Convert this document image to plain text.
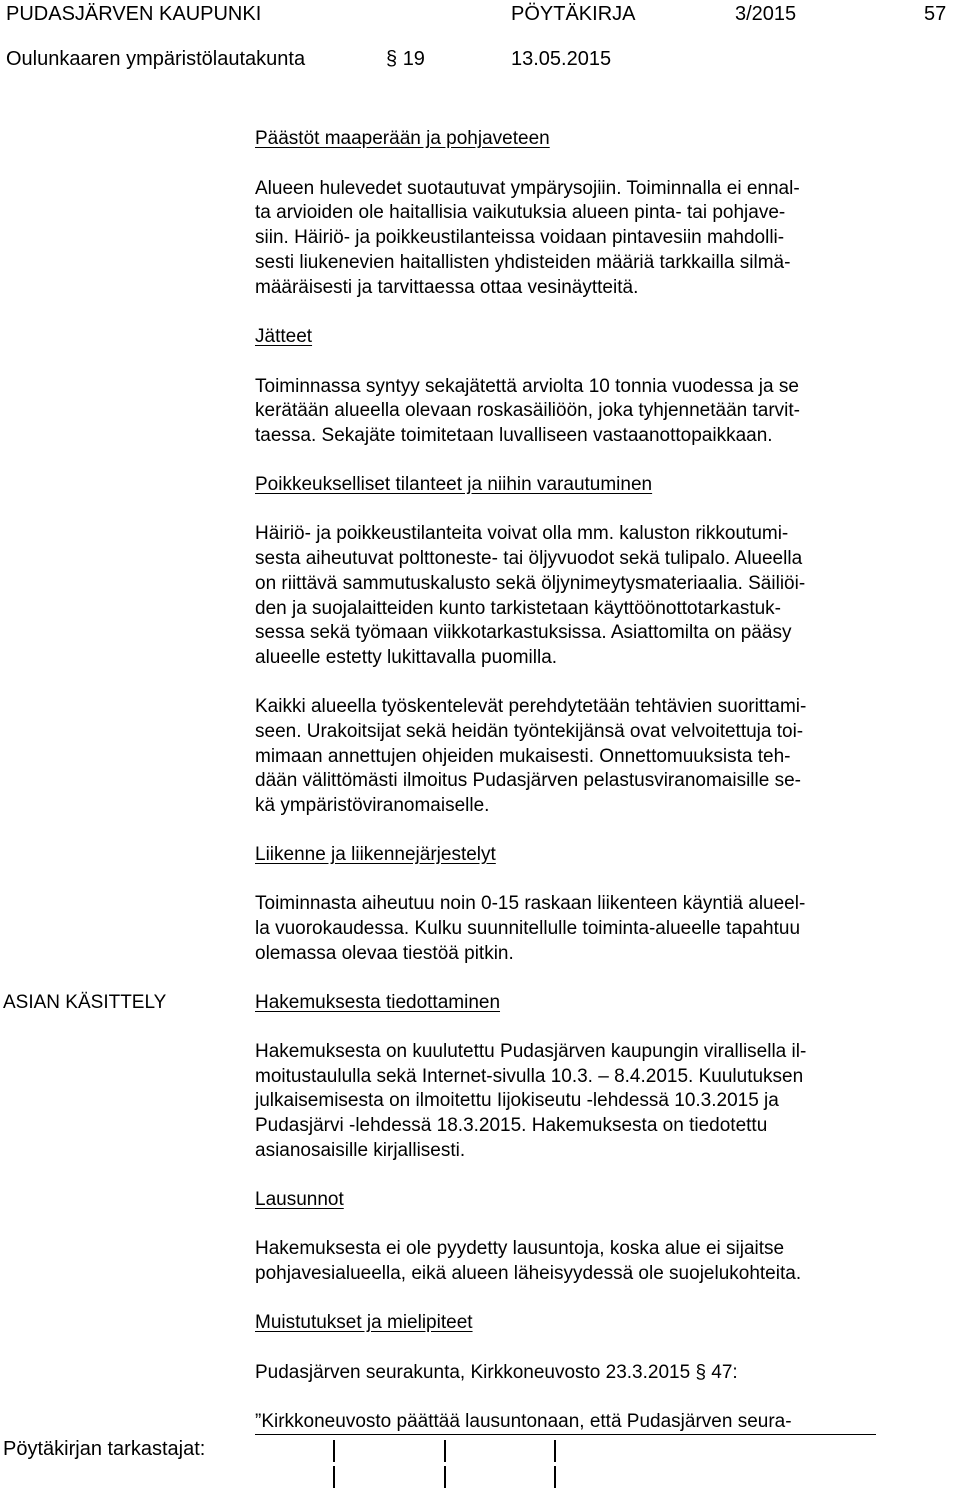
PUDASJÄRVEN KAUPUNKI	PÖYTÄKIRJA	3/2015	57
Oulunkaaren ympäristölautakunta	§ 19	13.05.2015
Päästöt maaperään ja pohjaveteen
Alueen hulevedet suotautuvat ympärysojiin. Toiminnalla ei ennal-
ta arvioiden ole haitallisia vaikutuksia alueen pinta- tai pohjave-
siin. Häiriö- ja poikkeustilanteissa voidaan pintavesiin mahdolli-
sesti liukenevien haitallisten yhdisteiden määriä tarkkailla silmä-
määräisesti ja tarvittaessa ottaa vesinäytteitä.
Jätteet
Toiminnassa syntyy sekajätettä arviolta 10 tonnia vuodessa ja se
kerätään alueella olevaan roskasäiliöön, joka tyhjennetään tarvit-
taessa. Sekajäte toimitetaan luvalliseen vastaanottopaikkaan.
Poikkeukselliset tilanteet ja niihin varautuminen
Häiriö- ja poikkeustilanteita voivat olla mm. kaluston rikkoutumi-
sesta aiheutuvat polttoneste- tai öljyvuodot sekä tulipalo. Alueella
on riittävä sammutuskalusto sekä öljynimeytysmateriaalia. Säiliöi-
den ja suojalaitteiden kunto tarkistetaan käyttöönottotarkastuk-
sessa sekä työmaan viikkotarkastuksissa. Asiattomilta on pääsy
alueelle estetty lukittavalla puomilla.
Kaikki alueella työskentelevät perehdytetään tehtävien suorittami-
seen. Urakoitsijat sekä heidän työntekijänsä ovat velvoitettuja toi-
mimaan annettujen ohjeiden mukaisesti. Onnettomuuksista teh-
dään välittömästi ilmoitus Pudasjärven pelastusviranomaisille se-
kä ympäristöviranomaiselle.
Liikenne ja liikennejärjestelyt
Toiminnasta aiheutuu noin 0-15 raskaan liikenteen käyntiä alueel-
la vuorokaudessa. Kulku suunnitellulle toiminta-alueelle tapahtuu
olemassa olevaa tiestöä pitkin.
ASIAN KÄSITTELY	Hakemuksesta tiedottaminen
Hakemuksesta on kuulutettu Pudasjärven kaupungin virallisella il-
moitustaululla sekä Internet-sivulla 10.3. – 8.4.2015. Kuulutuksen
julkaisemisesta on ilmoitettu Iijokiseutu -lehdessä 10.3.2015 ja
Pudasjärvi -lehdessä 18.3.2015. Hakemuksesta on tiedotettu
asianosaisille kirjallisesti.
Lausunnot
Hakemuksesta ei ole pyydetty lausuntoja, koska alue ei sijaitse
pohjavesialueella, eikä alueen läheisyydessä ole suojelukohteita.
Muistutukset ja mielipiteet
Pudasjärven seurakunta, Kirkkoneuvosto 23.3.2015 § 47:
”Kirkkoneuvosto päättää lausuntonaan, että Pudasjärven seura-
Pöytäkirjan tarkastajat:
